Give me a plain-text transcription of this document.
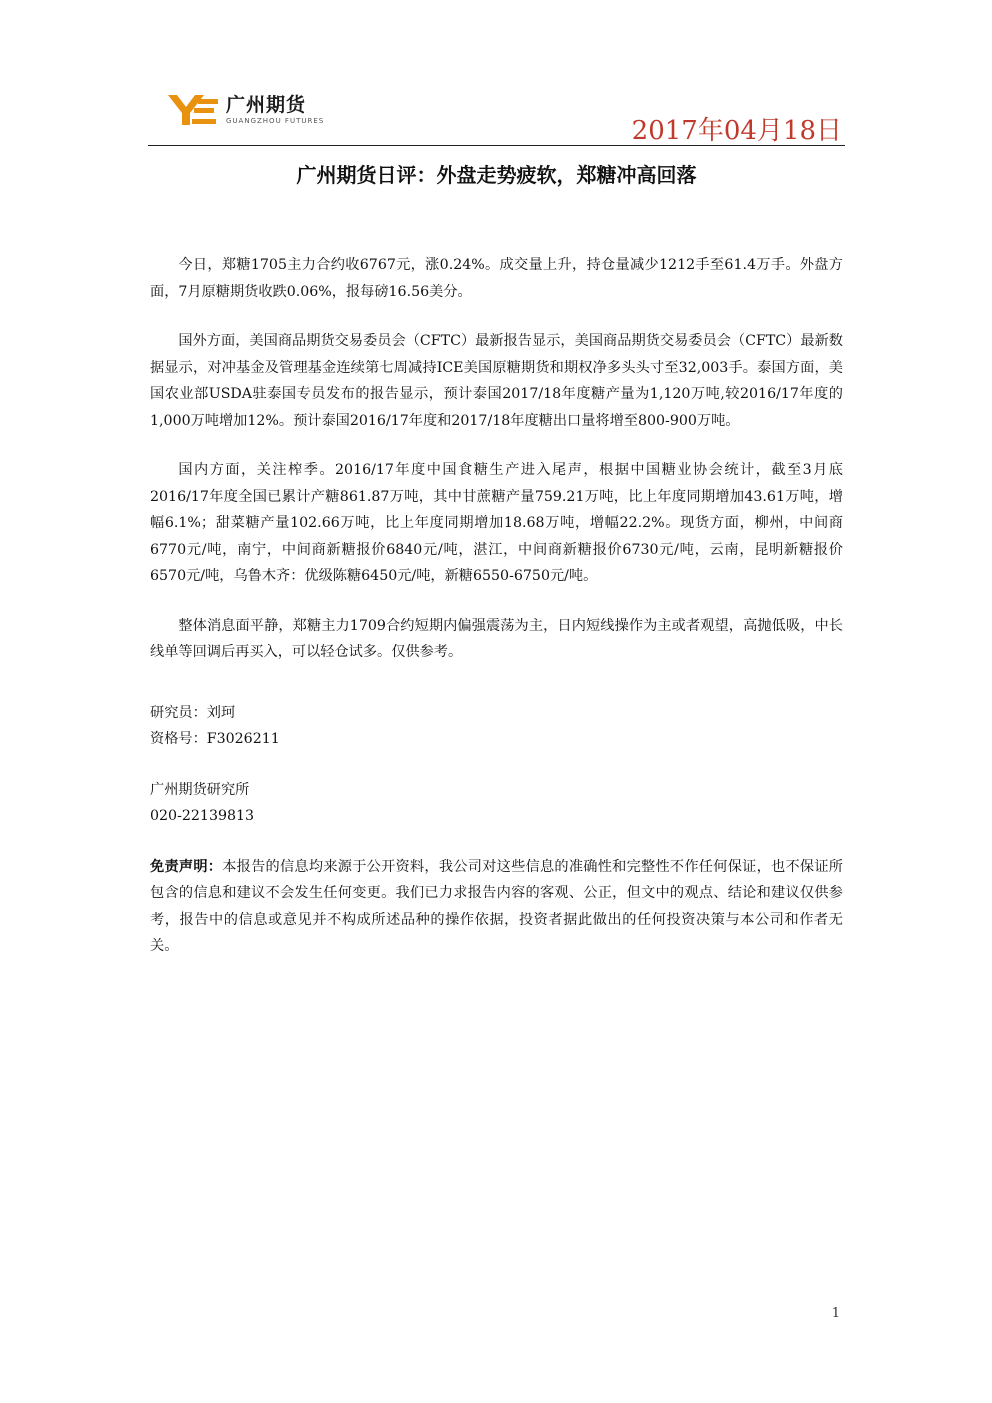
广州期货
GUANGZHOU FUTURES	2017年04月18日
广州期货日评：外盘走势疲软，郑糖冲高回落

今日，郑糖1705主力合约收6767元，涨0.24%。成交量上升，持仓量减少1212手至61.4万手。外盘方面，7月原糖期货收跌0.06%，报每磅16.56美分。

国外方面，美国商品期货交易委员会（CFTC）最新报告显示，美国商品期货交易委员会（CFTC）最新数据显示，对冲基金及管理基金连续第七周减持ICE美国原糖期货和期权净多头头寸至32,003手。泰国方面，美国农业部USDA驻泰国专员发布的报告显示，预计泰国2017/18年度糖产量为1,120万吨,较2016/17年度的1,000万吨增加12%。预计泰国2016/17年度和2017/18年度糖出口量将增至800-900万吨。

国内方面，关注榨季。2016/17年度中国食糖生产进入尾声，根据中国糖业协会统计，截至3月底2016/17年度全国已累计产糖861.87万吨，其中甘蔗糖产量759.21万吨，比上年度同期增加43.61万吨，增幅6.1%；甜菜糖产量102.66万吨，比上年度同期增加18.68万吨，增幅22.2%。现货方面，柳州，中间商6770元/吨，南宁，中间商新糖报价6840元/吨，湛江，中间商新糖报价6730元/吨，云南，昆明新糖报价6570元/吨，乌鲁木齐：优级陈糖6450元/吨，新糖6550-6750元/吨。

整体消息面平静，郑糖主力1709合约短期内偏强震荡为主，日内短线操作为主或者观望，高抛低吸，中长线单等回调后再买入，可以轻仓试多。仅供参考。

研究员：刘珂

资格号：F3026211

广州期货研究所

020-22139813

免责声明：本报告的信息均来源于公开资料，我公司对这些信息的准确性和完整性不作任何保证，也不保证所包含的信息和建议不会发生任何变更。我们已力求报告内容的客观、公正，但文中的观点、结论和建议仅供参考，报告中的信息或意见并不构成所述品种的操作依据，投资者据此做出的任何投资决策与本公司和作者无关。

1
